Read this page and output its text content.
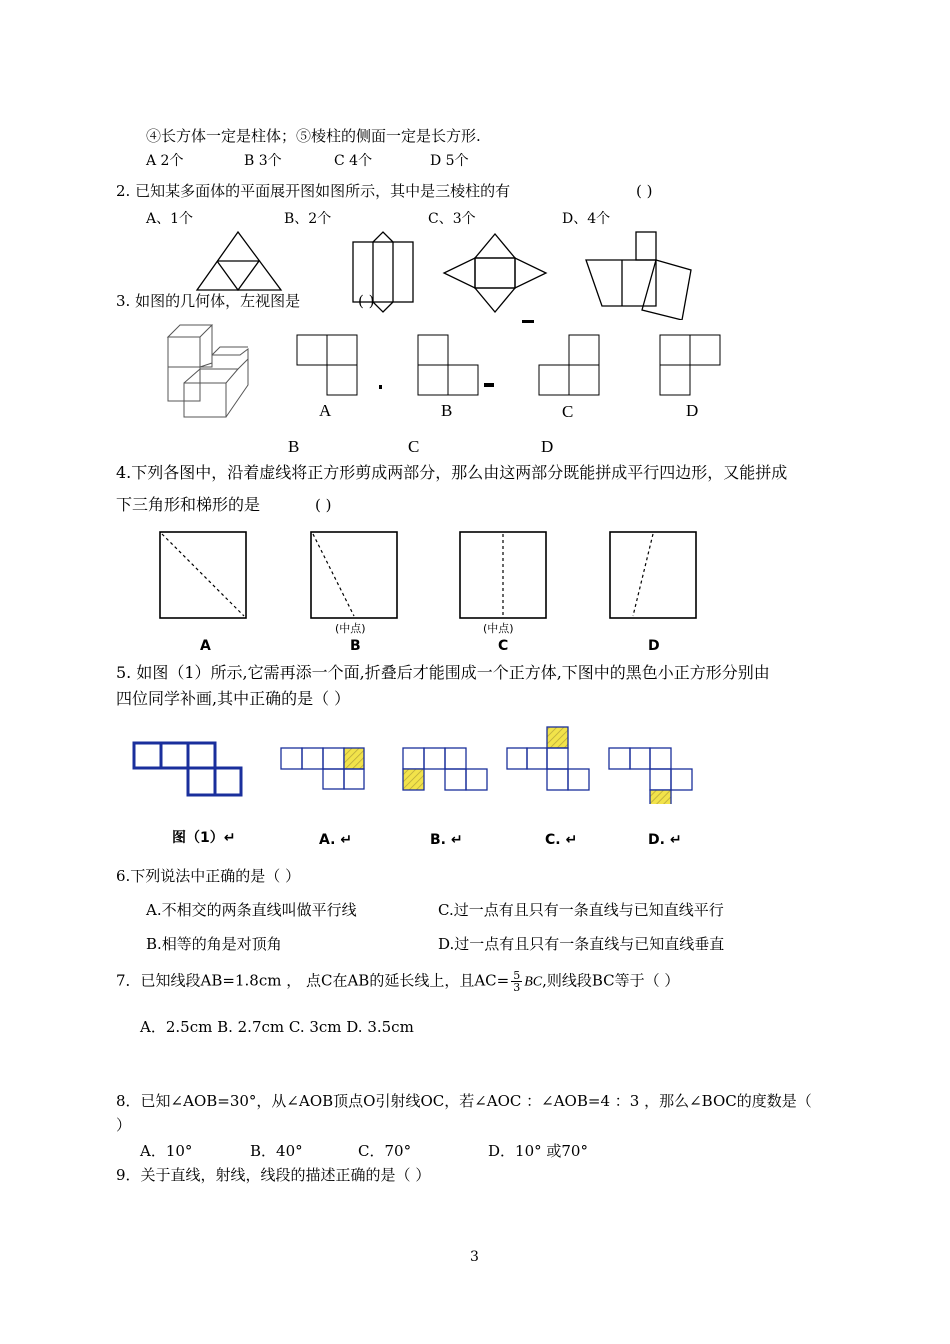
④长方体一定是柱体；⑤棱柱的侧面一定是长方形.
A 2个	B 3个	C 4个	D 5个
2. 已知某多面体的平面展开图如图所示，其中是三棱柱的有	( )
A、1个	B、2个	C、3个	D、4个
3. 如图的几何体，左视图是	( )
A	B	C	D
B	C	D
4.下列各图中，沿着虚线将正方形剪成两部分，那么由这两部分既能拼成平行四边形，又能拼成
下三角形和梯形的是	( )
(中点)	(中点)
A	B	C	D
5. 如图（1）所示,它需再添一个面,折叠后才能围成一个正方体,下图中的黑色小正方形分别由
四位同学补画,其中正确的是（ ）
图（1）↵	A. ↵	B. ↵	C. ↵	D. ↵
6.下列说法中正确的是（ ）
A.不相交的两条直线叫做平行线	C.过一点有且只有一条直线与已知直线平行
B.相等的角是对顶角	D.过一点有且只有一条直线与已知直线垂直
7．已知线段AB=1.8cm ， 点C在AB的延长线上，且$AC= \frac{5}{3}$ BC,则线段BC等于（ ）
A．2.5cm B. 2.7cm C. 3cm D. 3.5cm
8．已知∠AOB=30°，从∠AOB顶点O引射线OC，若∠AOC ：∠AOB=4 ：3 ，那么∠BOC的度数是（
）
A．10°	B．40°	C．70°	D．10° 或70°
9．关于直线，射线，线段的描述正确的是（ ）
3
